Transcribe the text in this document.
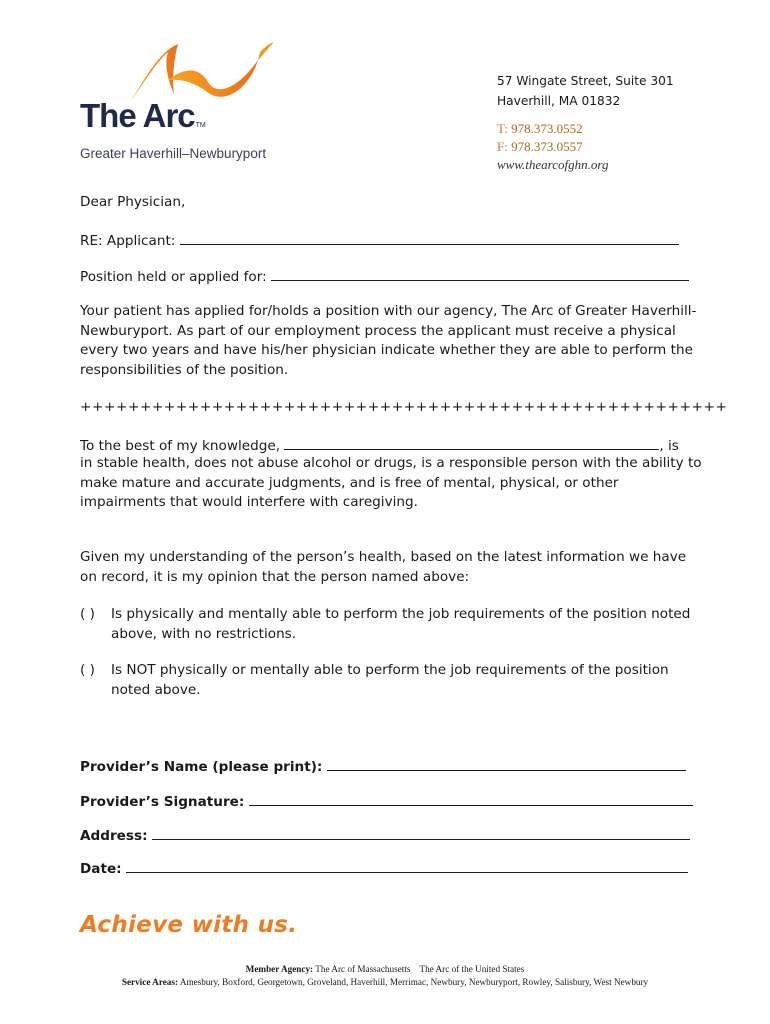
The ArcTM
Greater Haverhill–Newburyport
57 Wingate Street, Suite 301
Haverhill, MA 01832
T: 978.373.0552
F: 978.373.0557
www.thearcofghn.org
Dear Physician,
RE: Applicant:
Position held or applied for:
Your patient has applied for/holds a position with our agency, The Arc of Greater Haverhill-Newburyport. As part of our employment process the applicant must receive a physical every two years and have his/her physician indicate whether they are able to perform the responsibilities of the position.
++++++++++++++++++++++++++++++++++++++++++++++++++++++
To the best of my knowledge,	, is
in stable health, does not abuse alcohol or drugs, is a responsible person with the ability to make mature and accurate judgments, and is free of mental, physical, or other impairments that would interfere with caregiving.
Given my understanding of the person’s health, based on the latest information we have on record, it is my opinion that the person named above:
( )	Is physically and mentally able to perform the job requirements of the position noted above, with no restrictions.
( )	Is NOT physically or mentally able to perform the job requirements of the position noted above.
Provider’s Name (please print):
Provider’s Signature:
Address:
Date:
Achieve with us.
Member Agency: The Arc of Massachusetts    The Arc of the United States
Service Areas: Amesbury, Boxford, Georgetown, Groveland, Haverhill, Merrimac, Newbury, Newburyport, Rowley, Salisbury, West Newbury
